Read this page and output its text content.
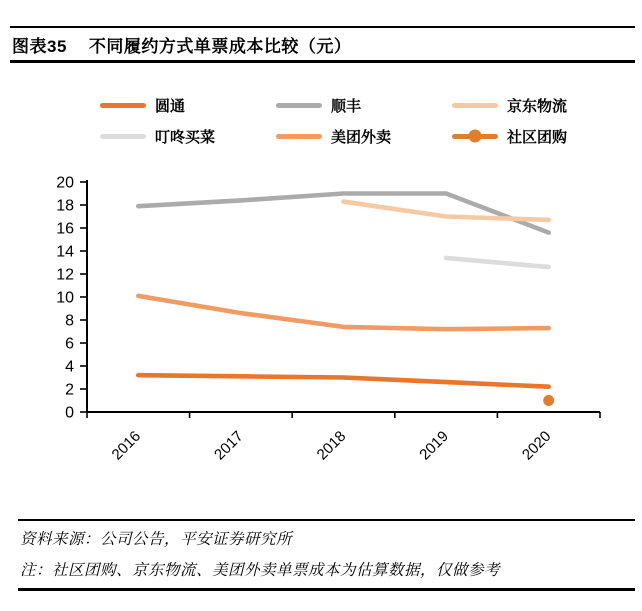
图表35 不同履约方式单票成本比较（元）
圆通	顺丰	京东物流
叮咚买菜	美团外卖	社区团购
0
2
4
6
8
10
12
14
16
18
20
2016	2017	2018	2019	2020
资料来源：公司公告，平安证券研究所
注：社区团购、京东物流、美团外卖单票成本为估算数据，仅做参考
